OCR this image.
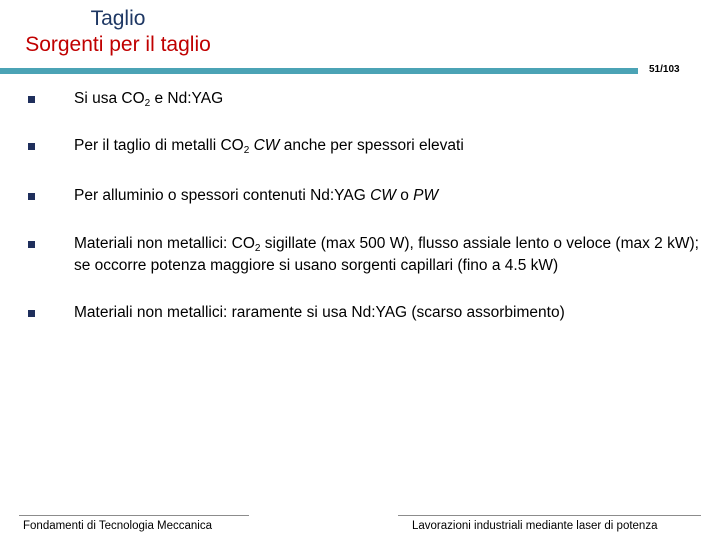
Taglio
Sorgenti per il taglio
51/103
Si usa $CO_2$ e Nd:YAG
Per il taglio di metalli $CO_2$ CW anche per spessori elevati
Per alluminio o spessori contenuti Nd:YAG CW o PW
Materiali non metallici: $CO_2$ sigillate (max 500 W), flusso assiale lento o veloce (max 2 kW); se occorre potenza maggiore si usano sorgenti capillari (fino a 4.5 kW)
Materiali non metallici: raramente si usa Nd:YAG (scarso assorbimento)
Fondamenti di Tecnologia Meccanica	Lavorazioni industriali mediante laser di potenza
